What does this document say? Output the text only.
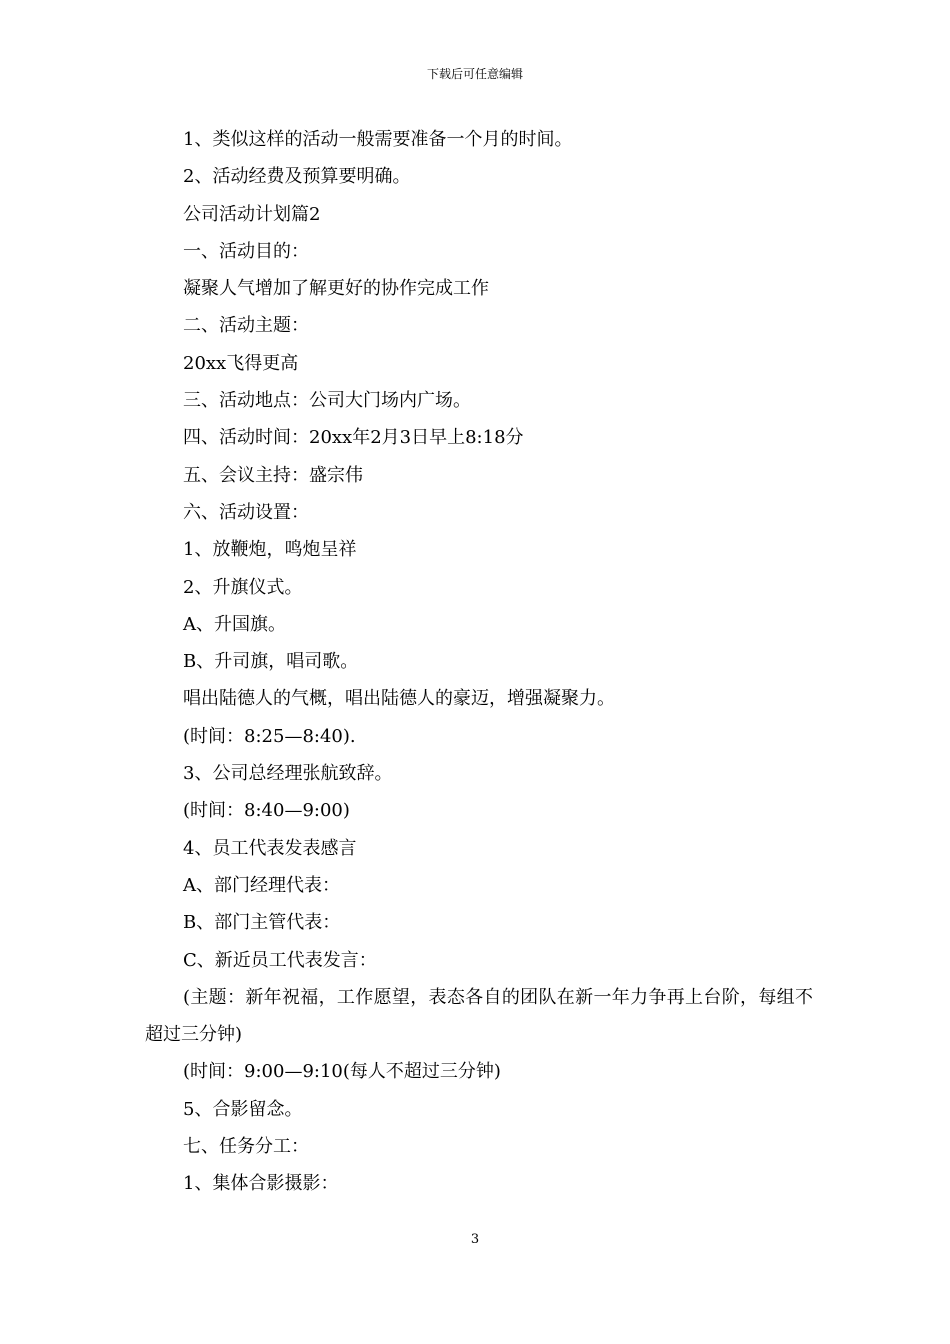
下载后可任意编辑

1、类似这样的活动一般需要准备一个月的时间。

2、活动经费及预算要明确。

公司活动计划篇2

一、活动目的：

凝聚人气增加了解更好的协作完成工作

二、活动主题：

20xx飞得更高

三、活动地点：公司大门场内广场。

四、活动时间：20xx年2月3日早上8:18分

五、会议主持：盛宗伟

六、活动设置：

1、放鞭炮，鸣炮呈祥

2、升旗仪式。

A、升国旗。

B、升司旗，唱司歌。

唱出陆德人的气概，唱出陆德人的豪迈，增强凝聚力。

(时间：8:25—8:40).

3、公司总经理张航致辞。

(时间：8:40—9:00)

4、员工代表发表感言

A、部门经理代表：

B、部门主管代表：

C、新近员工代表发言：

(主题：新年祝福，工作愿望，表态各自的团队在新一年力争再上台阶，每组不超过三分钟)

(时间：9:00—9:10(每人不超过三分钟)

5、合影留念。

七、任务分工：

1、集体合影摄影：

3
